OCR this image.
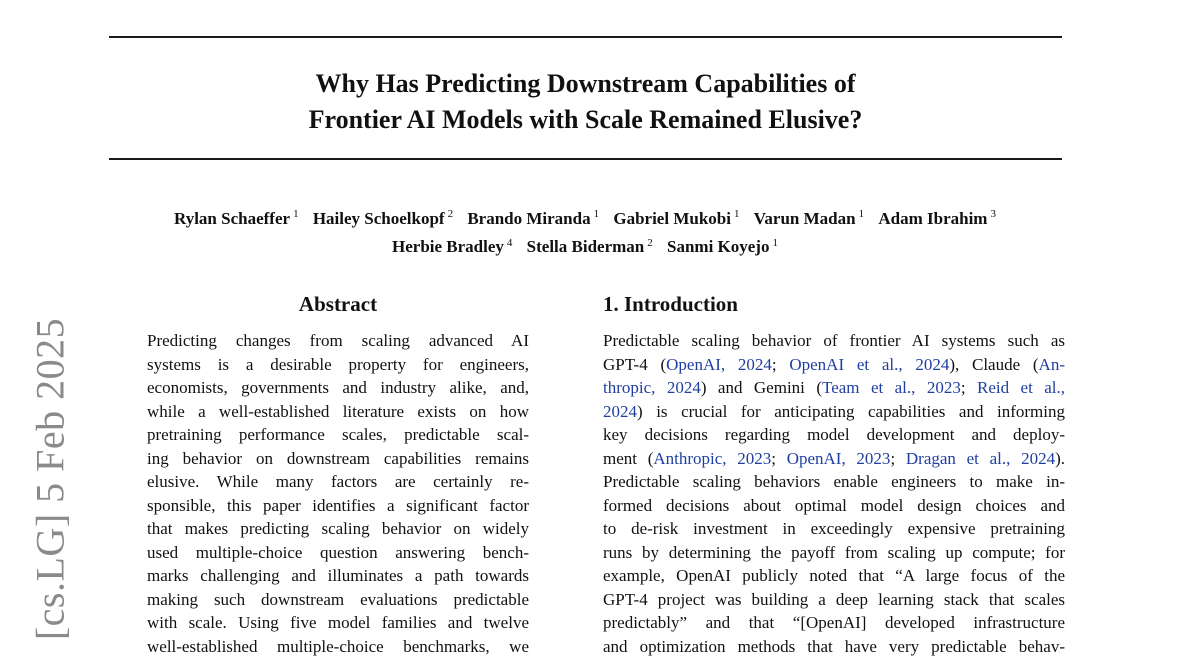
Why Has Predicting Downstream Capabilities of
Frontier AI Models with Scale Remained Elusive?
Rylan Schaeffer $^1$ Hailey Schoelkopf $^2$ Brando Miranda $^1$ Gabriel Mukobi $^1$ Varun Madan $^1$ Adam Ibrahim $^3$
Herbie Bradley $^4$ Stella Biderman $^2$ Sanmi Koyejo $^1$
Abstract	1. Introduction
Predicting changes from scaling advanced AI
systems is a desirable property for engineers,
economists, governments and industry alike, and,
while a well-established literature exists on how
pretraining performance scales, predictable scal-
ing behavior on downstream capabilities remains
elusive. While many factors are certainly re-
sponsible, this paper identifies a significant factor
that makes predicting scaling behavior on widely
used multiple-choice question answering bench-
marks challenging and illuminates a path towards
making such downstream evaluations predictable
with scale. Using five model families and twelve
well-established multiple-choice benchmarks, we
Predictable scaling behavior of frontier AI systems such as
GPT-4 (OpenAI, 2024; OpenAI et al., 2024), Claude (An-
thropic, 2024) and Gemini (Team et al., 2023; Reid et al.,
2024) is crucial for anticipating capabilities and informing
key decisions regarding model development and deploy-
ment (Anthropic, 2023; OpenAI, 2023; Dragan et al., 2024).
Predictable scaling behaviors enable engineers to make in-
formed decisions about optimal model design choices and
to de-risk investment in exceedingly expensive pretraining
runs by determining the payoff from scaling up compute; for
example, OpenAI publicly noted that “A large focus of the
GPT-4 project was building a deep learning stack that scales
predictably” and that “[OpenAI] developed infrastructure
and optimization methods that have very predictable behav-
[cs.LG] 5 Feb 2025
